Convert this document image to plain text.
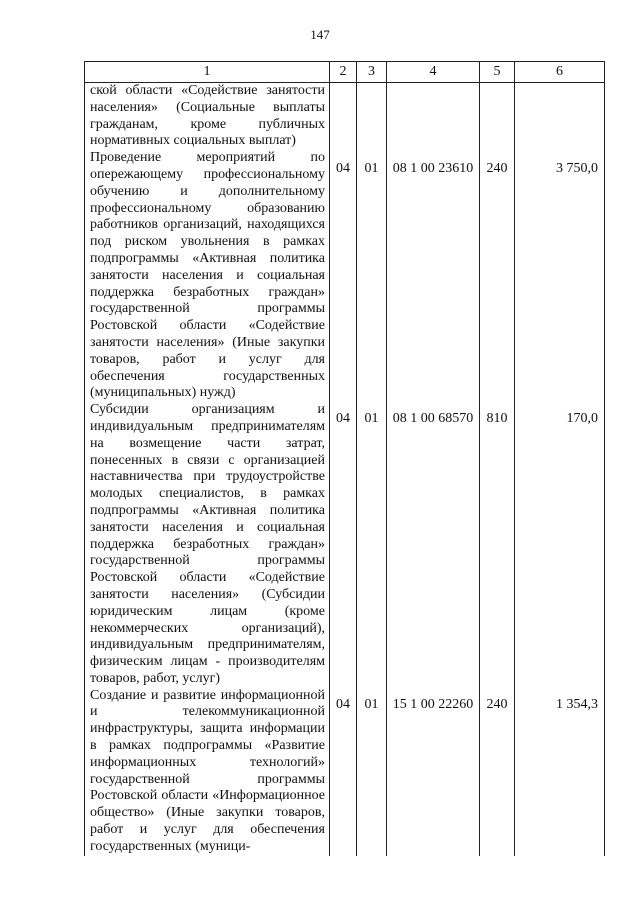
147
1	2	3	4	5	6
ской области «Содействие занятости населения» (Социальные выплаты гражданам, кроме публичных нормативных социальных выплат)					
Проведение мероприятий по опережающему профессиональному обучению и дополнительному профессиональному образованию работников организаций, находящихся под риском увольнения в рамках подпрограммы «Активная политика занятости населения и социальная поддержка безработных граждан» государственной программы Ростовской области «Содействие занятости населения» (Иные закупки товаров, работ и услуг для обеспечения государственных (муниципальных) нужд)	04	01	08 1 00 23610	240	3 750,0
Субсидии организациям и индивидуальным предпринимателям на возмещение части затрат, понесенных в связи с организацией наставничества при трудоустройстве молодых специалистов, в рамках подпрограммы «Активная политика занятости населения и социальная поддержка безработных граждан» государственной программы Ростовской области «Содействие занятости населения» (Субсидии юридическим лицам (кроме некоммерческих организаций), индивидуальным предпринимателям, физическим лицам - производителям товаров, работ, услуг)	04	01	08 1 00 68570	810	170,0
Создание и развитие информационной и телекоммуникационной инфраструктуры, защита информации в рамках подпрограммы «Развитие информационных технологий» государственной программы Ростовской области «Информационное общество» (Иные закупки товаров, работ и услуг для обеспечения государственных (муници-	04	01	15 1 00 22260	240	1 354,3
